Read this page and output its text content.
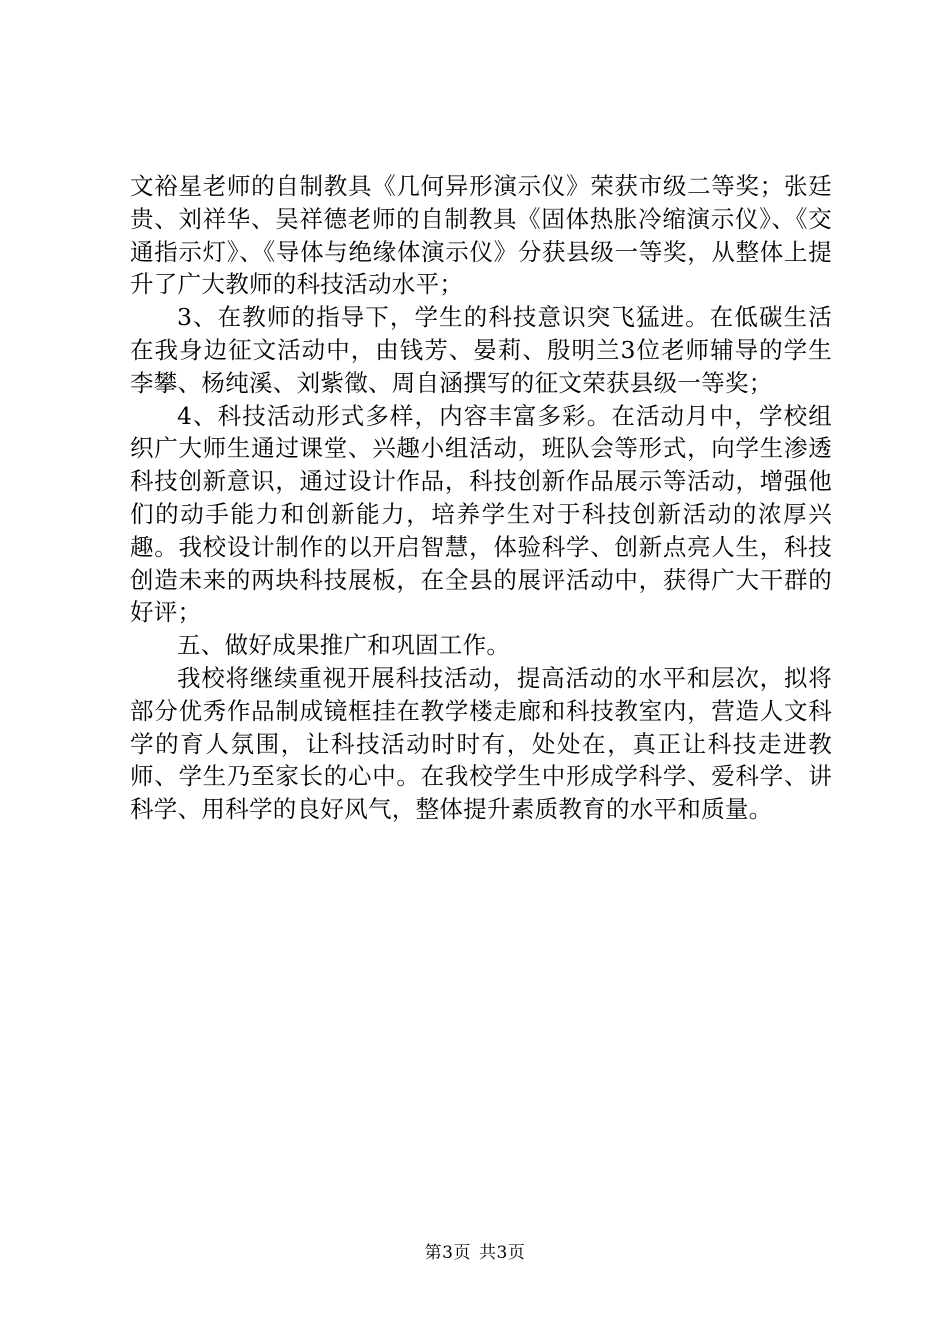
文裕星老师的自制教具《几何异形演示仪》荣获市级二等奖；张廷贵、刘祥华、吴祥德老师的自制教具《固体热胀冷缩演示仪》、《交通指示灯》、《导体与绝缘体演示仪》分获县级一等奖，从整体上提升了广大教师的科技活动水平；

3、在教师的指导下，学生的科技意识突飞猛进。在低碳生活在我身边征文活动中，由钱芳、晏莉、殷明兰3位老师辅导的学生李攀、杨纯溪、刘紫徵、周自涵撰写的征文荣获县级一等奖；

4、科技活动形式多样，内容丰富多彩。在活动月中，学校组织广大师生通过课堂、兴趣小组活动，班队会等形式，向学生渗透科技创新意识，通过设计作品，科技创新作品展示等活动，增强他们的动手能力和创新能力，培养学生对于科技创新活动的浓厚兴趣。我校设计制作的以开启智慧，体验科学、创新点亮人生，科技创造未来的两块科技展板，在全县的展评活动中，获得广大干群的好评；

五、做好成果推广和巩固工作。

我校将继续重视开展科技活动，提高活动的水平和层次，拟将部分优秀作品制成镜框挂在教学楼走廊和科技教室内，营造人文科学的育人氛围，让科技活动时时有，处处在，真正让科技走进教师、学生乃至家长的心中。在我校学生中形成学科学、爱科学、讲科学、用科学的良好风气，整体提升素质教育的水平和质量。

第3页 共3页
